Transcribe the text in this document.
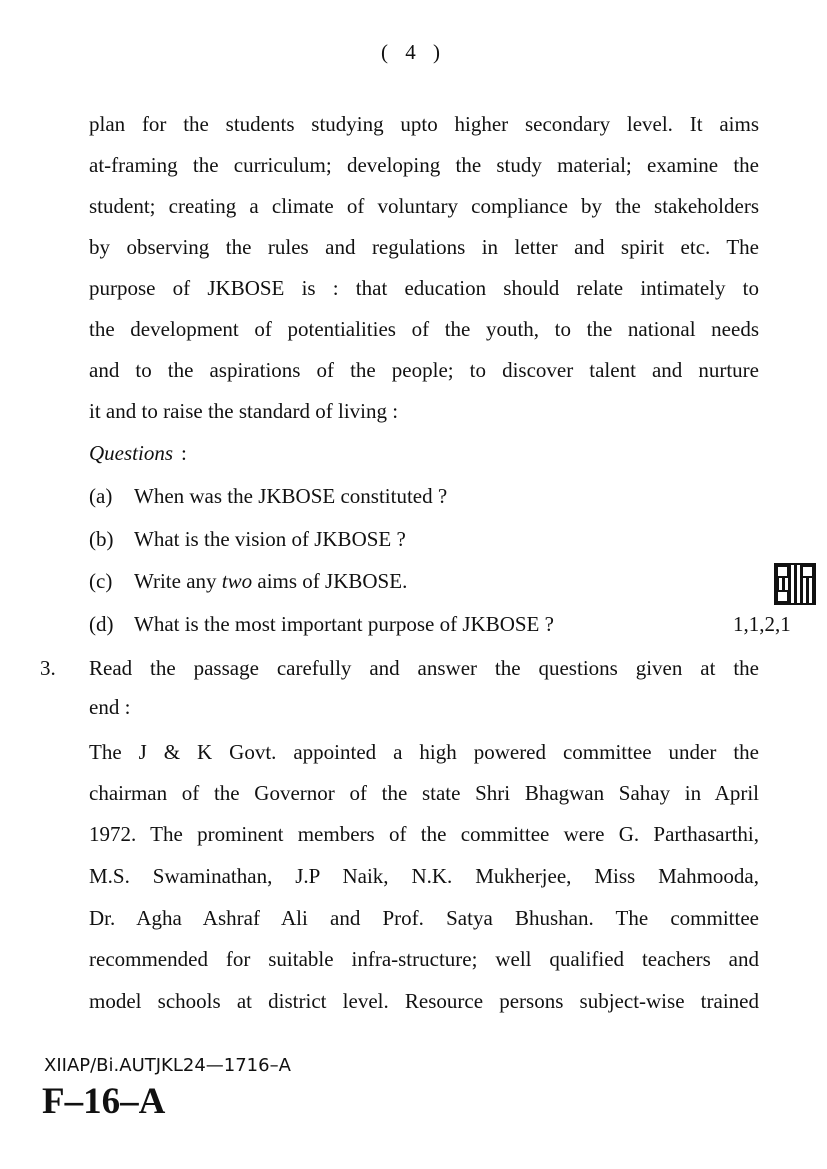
( 4 )
plan for the students studying upto higher secondary level. It aims
at-framing the curriculum; developing the study material; examine the
student; creating a climate of voluntary compliance by the stakeholders
by observing the rules and regulations in letter and spirit etc. The
purpose of JKBOSE is : that education should relate intimately to
the development of potentialities of the youth, to the national needs
and to the aspirations of the people; to discover talent and nurture
it and to raise the standard of living :
Questions :
(a) When was the JKBOSE constituted ?
(b) What is the vision of JKBOSE ?
(c) Write any two aims of JKBOSE.
(d) What is the most important purpose of JKBOSE ?	1,1,2,1
3. Read the passage carefully and answer the questions given at the
end :
The J & K Govt. appointed a high powered committee under the
chairman of the Governor of the state Shri Bhagwan Sahay in April
1972. The prominent members of the committee were G. Parthasarthi,
M.S. Swaminathan, J.P Naik, N.K. Mukherjee, Miss Mahmooda,
Dr. Agha Ashraf Ali and Prof. Satya Bhushan. The committee
recommended for suitable infra-structure; well qualified teachers and
model schools at district level. Resource persons subject-wise trained
XIIAP/Bi.AUTJKL24—1716–A
F–16–A
